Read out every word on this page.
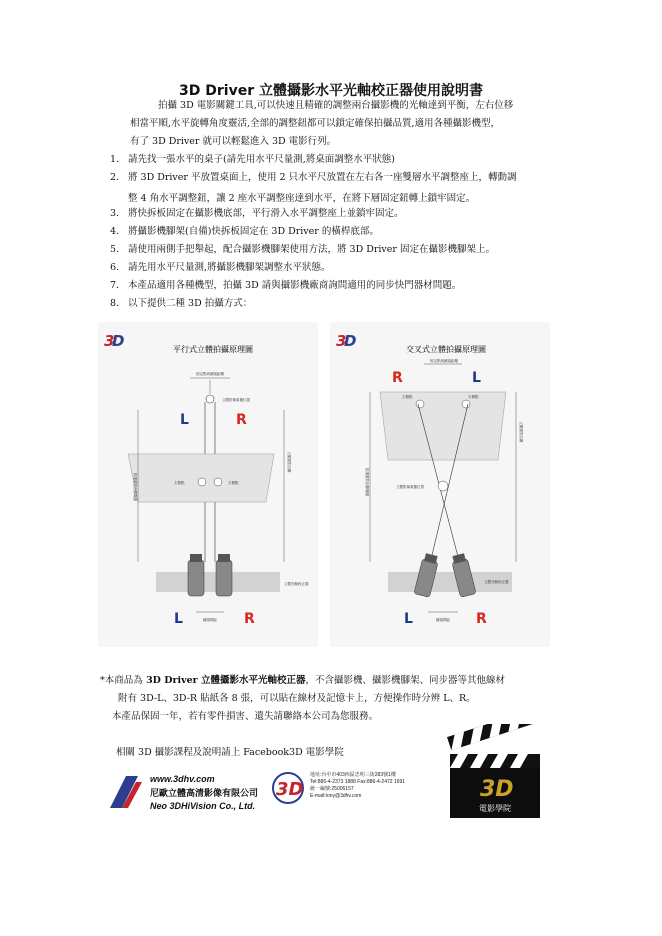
3D Driver 立體攝影水平光軸校正器使用說明書
拍攝 3D 電影關鍵工具,可以快速且精確的調整兩台攝影機的光軸達到平衡，左右位移
相當平順,水平旋轉角度靈活,全部的調整鈕都可以鎖定確保拍攝品質,適用各種攝影機型，
有了 3D Driver 就可以輕鬆進入 3D 電影行列。
1. 請先找一張水平的桌子(請先用水平尺量測,將桌面調整水平狀態)
2. 將 3D Driver 平放置桌面上，使用 2 只水平尺放置在左右各一座雙層水平調整座上，轉動調
整 4 角水平調整鈕，讓 2 座水平調整座達到水平，在將下層固定鈕轉上鎖牢固定。
3. 將快拆板固定在攝影機底部，平行滑入水平調整座上並鎖牢固定。
4. 將攝影機腳架(自備)快拆板固定在 3D Driver 的橫桿底部。
5. 請使用兩側手把舉起，配合攝影機腳架使用方法，將 3D Driver 固定在攝影機腳架上。
6. 請先用水平尺量測,將攝影機腳架調整水平狀態。
7. 本產品適用各種機型，拍攝 3D 請與攝影機廠商詢問適用的同步快門器材問題。
8. 以下提供二種 3D 拍攝方式：
3
D	平行式立體拍攝原理圖
固定點到鏡頭距離
立體影像重疊位置
L	R
左側點	右側點
防護攝影距離範圍
立體攝影距離
立體光軸校正器
L	R
鏡頭間距
3
D	交叉式立體拍攝原理圖
固定點到鏡頭距離
R	L
左側點	右側點
立體影像重疊位置
防護攝影距離範圍
立體攝影距離
立體光軸校正器
L	R
鏡頭間距
*本商品為 3D Driver 立體攝影水平光軸校正器，不含攝影機、攝影機腳架、同步器等其他線材
附有 3D-L、3D-R 貼紙各 8 張，可以貼在線材及記憶卡上，方便操作時分辨 L、R。
本產品保固一年，若有零件損害、遺失請聯絡本公司為您服務。
相關 3D 攝影課程及說明請上 Facebook3D 電影學院
www.3dhv.com
尼歐立體高清影像有限公司
Neo 3DHiVision Co., Ltd.
3D
地址:台中市403西區忠明三街283號1樓
Tel:886-4-2373 1888 Fax:886-4-2472 1691
統一編號:25006157
E-mail:tony@3dhv.com	3D
電影學院
